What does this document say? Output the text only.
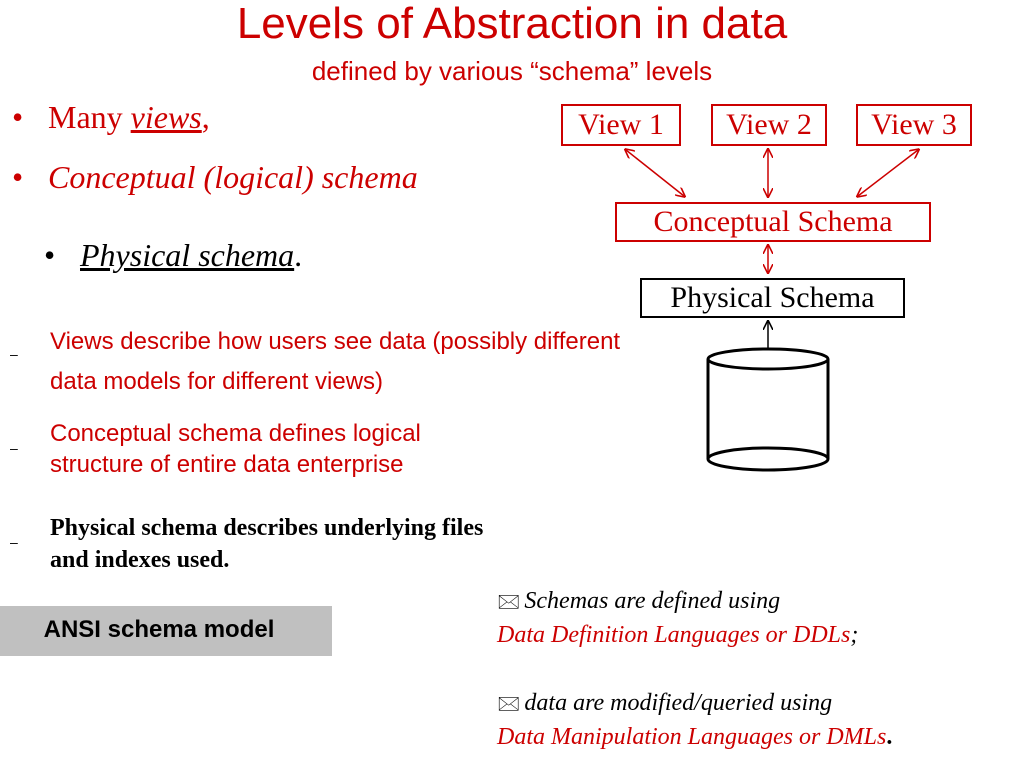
Levels of Abstraction in data
defined by various “schema” levels
• Many views,
• Conceptual (logical) schema
• Physical schema.
– Views describe how users see data (possibly different data models for different views)
–
Conceptual schema defines logical structure of entire data enterprise
–
Physical schema describes underlying files and indexes used.
ANSI schema model
View 1	View 2	View 3
Conceptual Schema
Physical Schema
🖂 Schemas are defined using
Data Definition Languages or DDLs;
🖂 data are modified/queried using
Data Manipulation Languages or DMLs.
